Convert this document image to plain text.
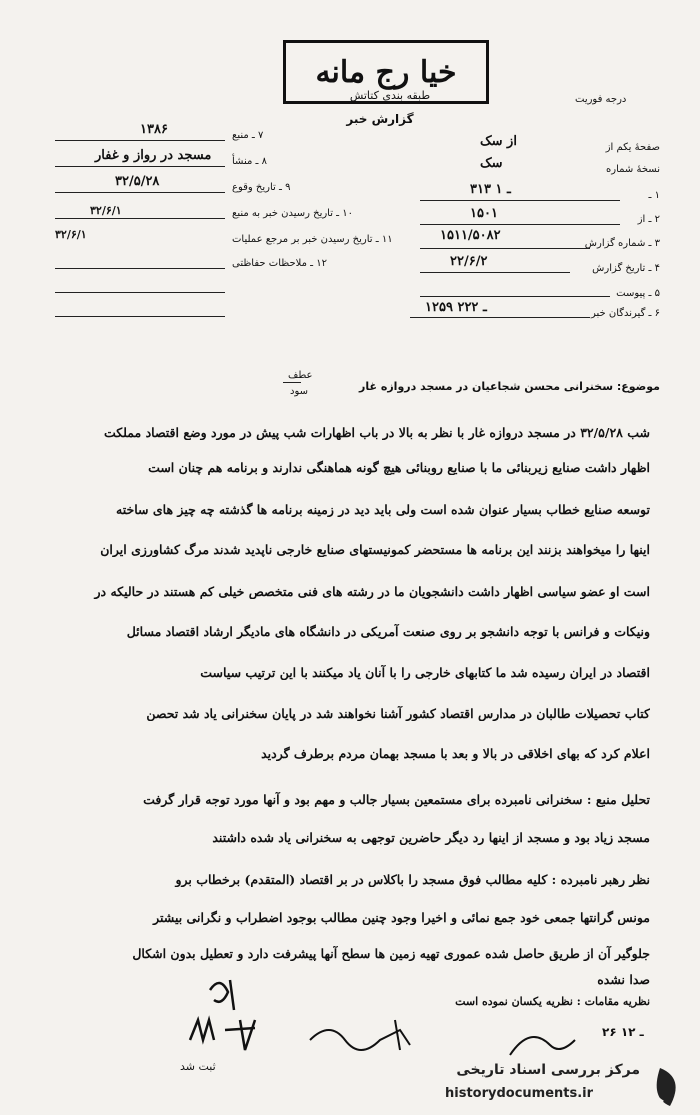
خیا رج مانه
طبقه بندی کتاتش
گزارش خبر
درجه فوریت
صفحهٔ یکم از
از سک
نسخهٔ شماره
سک
۱ ـ
۳۱۳ ـ ۱
۲ ـ از
۱۵۰۱
۳ ـ شماره گزارش
۱۵۱۱/۵۰۸۲
۴ ـ تاریخ گزارش
۲۲/۶/۲
۵ ـ پیوست
۶ ـ گیرندگان خبر
۱۲۵۹ ـ ۲۲۲
۷ ـ منبع
۱۳۸۶
۸ ـ منشأ
مسجد در رواز و غفار
۹ ـ تاریخ وقوع
۳۲/۵/۲۸
۱۰ ـ تاریخ رسیدن خبر به منبع
۳۲/۶/۱
۱۱ ـ تاریخ رسیدن خبر بر مرجع عملیات
۳۲/۶/۱
۱۲ ـ ملاحظات حفاظتی
عطف
سود	موضوع: سخنرانی محسن شجاعیان در مسجد دروازه غار
شب ۳۲/۵/۲۸ در مسجد دروازه غار با نظر به بالا در باب اظهارات شب پیش در مورد وضع اقتصاد مملکت
اظهار داشت صنایع زیربنائی ما با صنایع روبنائی هیچ گونه هماهنگی ندارند و برنامه هم چنان است
توسعه صنایع خطاب بسیار عنوان شده است ولی باید دید در زمینه برنامه ها گذشته چه چیز های ساخته
اینها را میخواهند بزنند این برنامه ها مستحضر کمونیستهای صنایع خارجی ناپدید شدند مرگ کشاورزی ایران
است او عضو سیاسی اظهار داشت دانشجویان ما در رشته های فنی متخصص خیلی کم هستند در حالیکه در
ونیکات و فرانس با توجه دانشجو بر روی صنعت آمریکی در دانشگاه های مادیگر ارشاد اقتصاد مسائل
اقتصاد در ایران رسیده شد ما کتابهای خارجی را با آنان یاد میکنند با این ترتیب سیاست
کتاب تحصیلات طالبان در مدارس اقتصاد کشور آشنا نخواهند شد در پایان سخنرانی یاد شد تحصن
اعلام کرد که بهای اخلاقی در بالا و بعد با مسجد بهمان مردم برطرف گردید
تحلیل منبع : سخنرانی نامبرده برای مستمعین بسیار جالب و مهم بود و آنها مورد توجه قرار گرفت
مسجد زیاد بود و مسجد از اینها رد دیگر حاضرین توجهی به سخنرانی یاد شده داشتند
نظر رهبر نامبرده : کلیه مطالب فوق مسجد را باکلاس در بر اقتصاد (المتقدم) برخطاب برو
مونس گرانتها جمعی خود جمع نمائی و اخیرا وجود چنین مطالب بوجود اضطراب و نگرانی بیشتر
جلوگیر آن از طریق حاصل شده عموری تهیه زمین ها سطح آنها پیشرفت دارد و تعطیل بدون اشکال
صدا نشده
نظریه مقامات : نظریه یکسان نموده است
۲۶ ـ ۱۲
ثبت شد	مرکز بررسی اسناد تاریخی
historydocuments.ir
